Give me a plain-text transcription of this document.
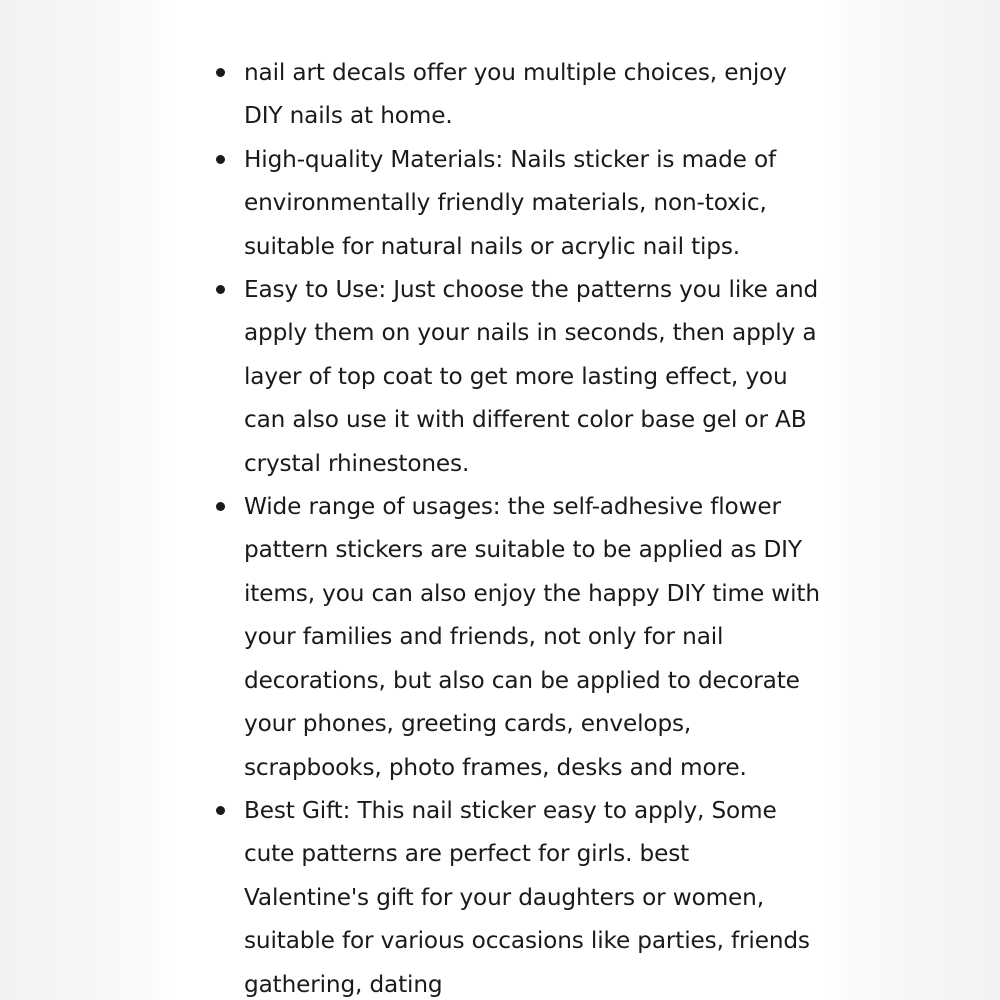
nail art decals offer you multiple choices, enjoy DIY nails at home.
High-quality Materials: Nails sticker is made of environmentally friendly materials, non-toxic, suitable for natural nails or acrylic nail tips.
Easy to Use: Just choose the patterns you like and apply them on your nails in seconds, then apply a layer of top coat to get more lasting effect, you can also use it with different color base gel or AB crystal rhinestones.
Wide range of usages: the self-adhesive flower pattern stickers are suitable to be applied as DIY items, you can also enjoy the happy DIY time with your families and friends, not only for nail decorations, but also can be applied to decorate your phones, greeting cards, envelops, scrapbooks, photo frames, desks and more.
Best Gift: This nail sticker easy to apply, Some cute patterns are perfect for girls. best Valentine's gift for your daughters or women, suitable for various occasions like parties, friends gathering, dating
